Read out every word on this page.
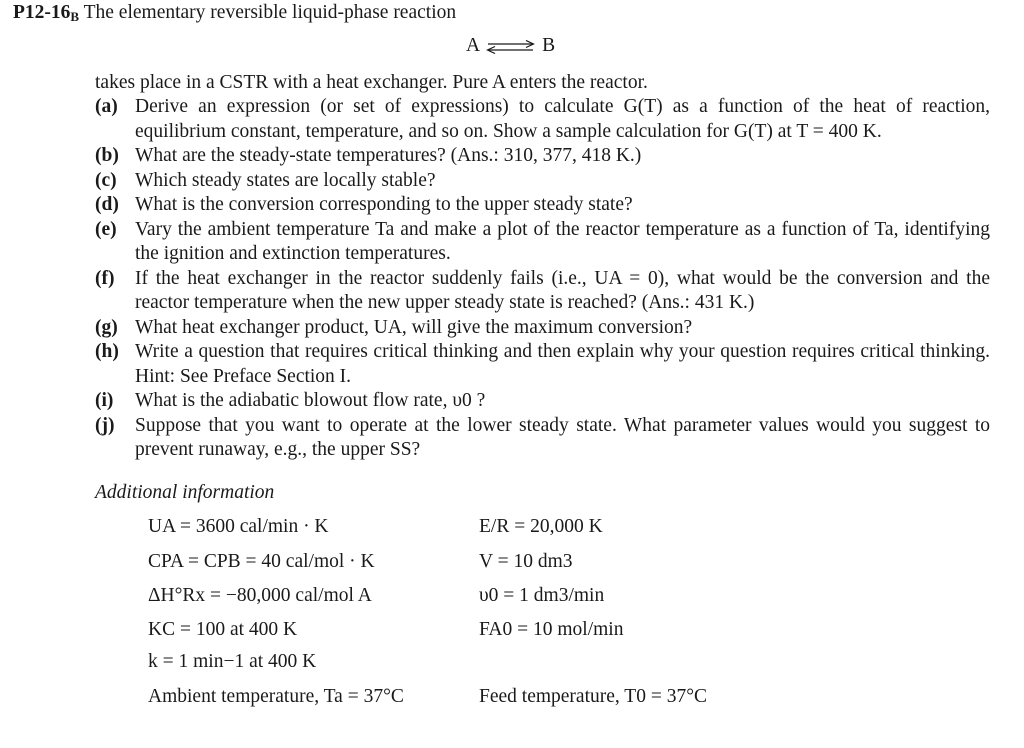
$P12-16_B$ The elementary reversible liquid-phase reaction
A ⇌ B
takes place in a CSTR with a heat exchanger. Pure A enters the reactor.
(a) Derive an expression (or set of expressions) to calculate G(T) as a function of the heat of reaction, equilibrium constant, temperature, and so on. Show a sample calculation for G(T) at T = 400 K.
(b) What are the steady-state temperatures? (Ans.: 310, 377, 418 K.)
(c) Which steady states are locally stable?
(d) What is the conversion corresponding to the upper steady state?
(e) Vary the ambient temperature Ta and make a plot of the reactor temperature as a function of Ta, identifying the ignition and extinction temperatures.
(f) If the heat exchanger in the reactor suddenly fails (i.e., UA = 0), what would be the conversion and the reactor temperature when the new upper steady state is reached? (Ans.: 431 K.)
(g) What heat exchanger product, UA, will give the maximum conversion?
(h) Write a question that requires critical thinking and then explain why your question requires critical thinking. Hint: See Preface Section I.
(i) What is the adiabatic blowout flow rate, υ0 ?
(j) Suppose that you want to operate at the lower steady state. What parameter values would you suggest to prevent runaway, e.g., the upper SS?
Additional information
UA = 3600 cal/min · K
CPA = CPB = 40 cal/mol · K
ΔH°Rx = −80,000 cal/mol A
KC = 100 at 400 K
k = 1 min−1 at 400 K
Ambient temperature, Ta = 37°C
E/R = 20,000 K
V = 10 dm3
υ0 = 1 dm3/min
FA0 = 10 mol/min
Feed temperature, T0 = 37°C
